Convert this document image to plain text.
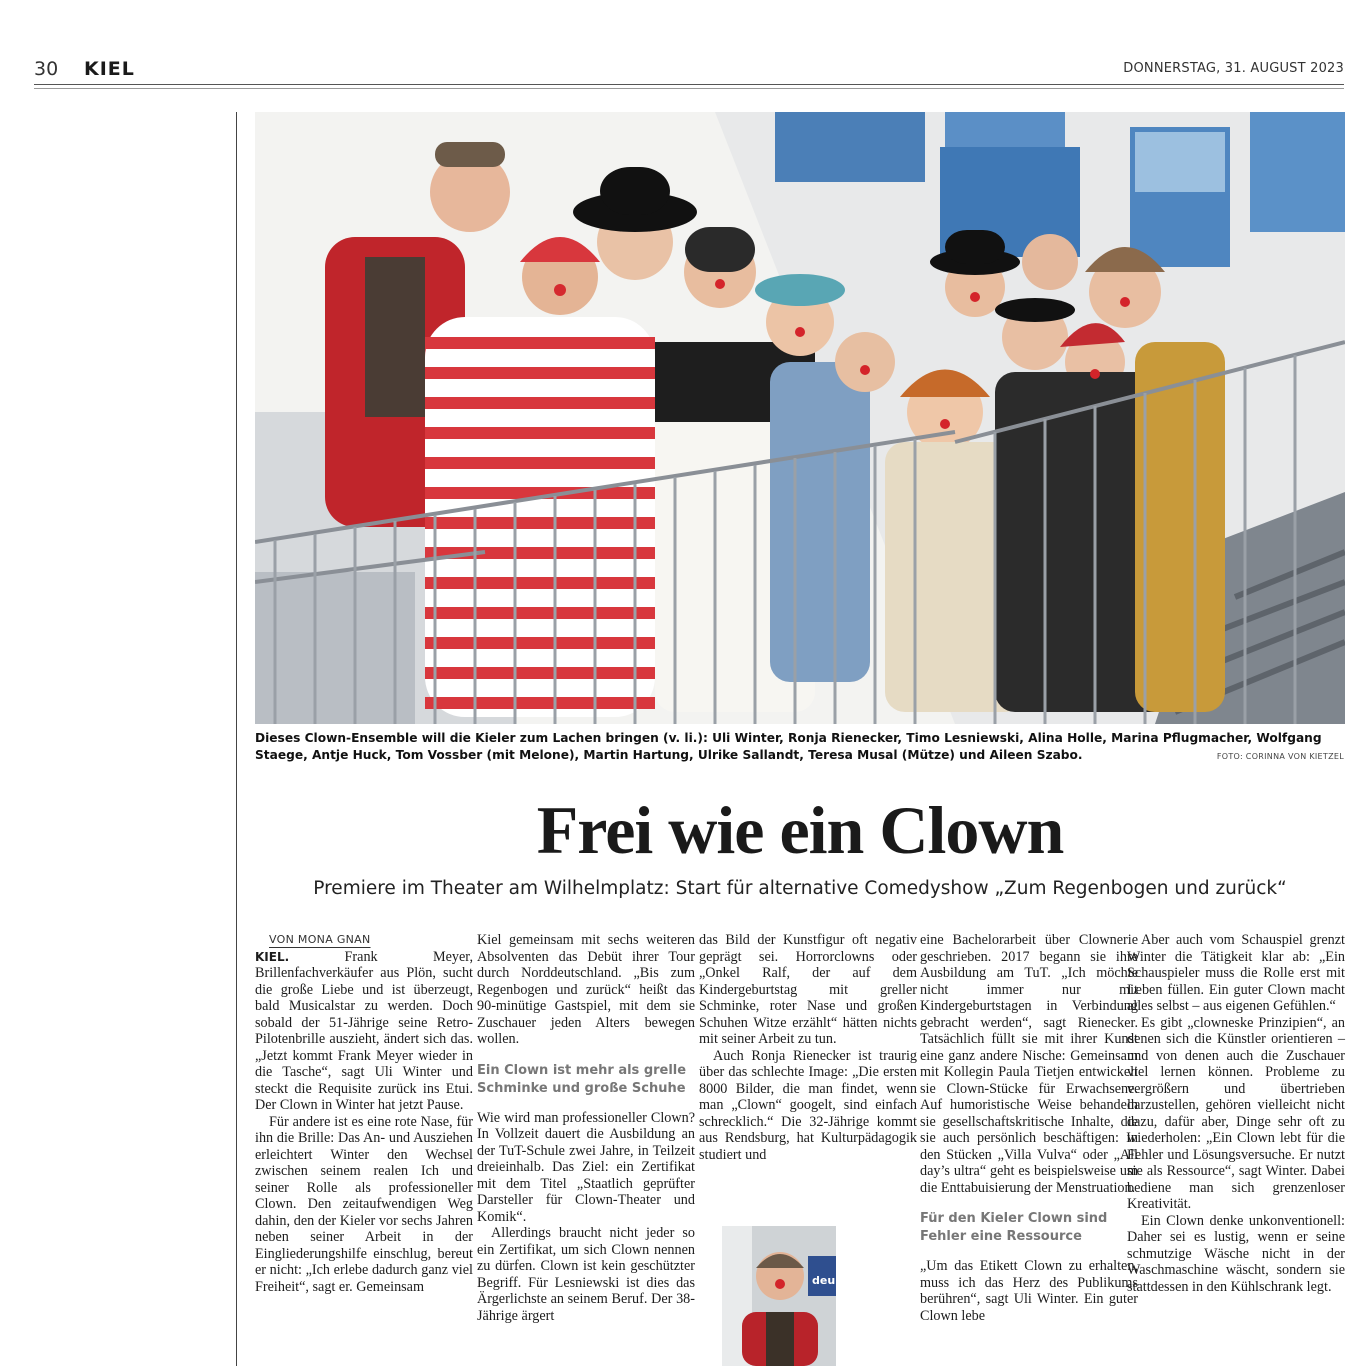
30 KIEL	DONNERSTAG, 31. AUGUST 2023
Dieses Clown-Ensemble will die Kieler zum Lachen bringen (v. li.): Uli Winter, Ronja Rienecker, Timo Lesniewski, Alina Holle, Marina Pflugmacher, Wolfgang Staege, Antje Huck, Tom Vossber (mit Melone), Martin Hartung, Ulrike Sallandt, Teresa Musal (Mütze) und Aileen Szabo.	FOTO: CORINNA VON KIETZEL
Frei wie ein Clown
Premiere im Theater am Wilhelmplatz: Start für alternative Comedyshow „Zum Regenbogen und zurück“

VON MONA GNAN

KIEL.	Frank Meyer, Brillenfachverkäufer aus Plön, sucht die große Liebe und ist überzeugt, bald Musicalstar zu werden. Doch sobald der 51-Jährige seine Retro-Pilotenbrille auszieht, ändert sich das. „Jetzt kommt Frank Meyer wieder in die Tasche“, sagt Uli Winter und steckt die Requisite zurück ins Etui. Der Clown in Winter hat jetzt Pause.

Für andere ist es eine rote Nase, für ihn die Brille: Das An- und Ausziehen erleichtert Winter den Wechsel zwischen seinem realen Ich und seiner Rolle als professioneller Clown. Den zeitaufwendigen Weg dahin, den der Kieler vor sechs Jahren neben seiner Arbeit in der Eingliederungshilfe einschlug, bereut er nicht: „Ich erlebe dadurch ganz viel Freiheit“, sagt er. Gemeinsam

Kiel gemeinsam mit sechs weiteren Absolventen das Debüt ihrer Tour durch Norddeutschland. „Bis zum Regenbogen und zurück“ heißt das 90-minütige Gastspiel, mit dem sie Zuschauer jeden Alters bewegen wollen.

Ein Clown ist mehr als grelle Schminke und große Schuhe

Wie wird man professioneller Clown? In Vollzeit dauert die Ausbildung an der TuT-Schule zwei Jahre, in Teilzeit dreieinhalb. Das Ziel: ein Zertifikat mit dem Titel „Staatlich geprüfter Darsteller für Clown-Theater und Komik“.

Allerdings braucht nicht jeder so ein Zertifikat, um sich Clown nennen zu dürfen. Clown ist kein geschützter Begriff. Für Lesniewski ist dies das Ärgerlichste an seinem Beruf. Der 38-Jährige ärgert

das Bild der Kunstfigur oft negativ geprägt sei. Horrorclowns oder „Onkel Ralf, der auf dem Kindergeburtstag mit greller Schminke, roter Nase und großen Schuhen Witze erzählt“ hätten nichts mit seiner Arbeit zu tun.

Auch Ronja Rienecker ist traurig über das schlechte Image: „Die ersten 8000 Bilder, die man findet, wenn man „Clown“ googelt, sind einfach schrecklich.“ Die 32-Jährige kommt aus Rendsburg, hat Kulturpädagogik studiert und

deu

eine Bachelorarbeit über Clownerie geschrieben. 2017 begann sie ihre Ausbildung am TuT. „Ich möchte nicht immer nur mit Kindergeburtstagen in Verbindung gebracht werden“, sagt Rienecker. Tatsächlich füllt sie mit ihrer Kunst eine ganz andere Nische: Gemeinsam mit Kollegin Paula Tietjen entwickelt sie Clown-Stücke für Erwachsene. Auf humoristische Weise behandeln sie gesellschaftskritische Inhalte, die sie auch persönlich beschäftigen: In den Stücken „Villa Vulva“ oder „All day’s ultra“ geht es beispielsweise um die Enttabuisierung der Menstruation.

Für den Kieler Clown sind Fehler eine Ressource

„Um das Etikett Clown zu erhalten, muss ich das Herz des Publikums berühren“, sagt Uli Winter. Ein guter Clown lebe

Aber auch vom Schauspiel grenzt Winter die Tätigkeit klar ab: „Ein Schauspieler muss die Rolle erst mit Leben füllen. Ein guter Clown macht alles selbst – aus eigenen Gefühlen.“

Es gibt „clowneske Prinzipien“, an denen sich die Künstler orientieren – und von denen auch die Zuschauer viel lernen können. Probleme zu vergrößern und übertrieben darzustellen, gehören vielleicht nicht dazu, dafür aber, Dinge sehr oft zu wiederholen: „Ein Clown lebt für die Fehler und Lösungsversuche. Er nutzt sie als Ressource“, sagt Winter. Dabei bediene man sich grenzenloser Kreativität.

Ein Clown denke unkonventionell: Daher sei es lustig, wenn er seine schmutzige Wäsche nicht in der Waschmaschine wäscht, sondern sie stattdessen in den Kühlschrank legt.
